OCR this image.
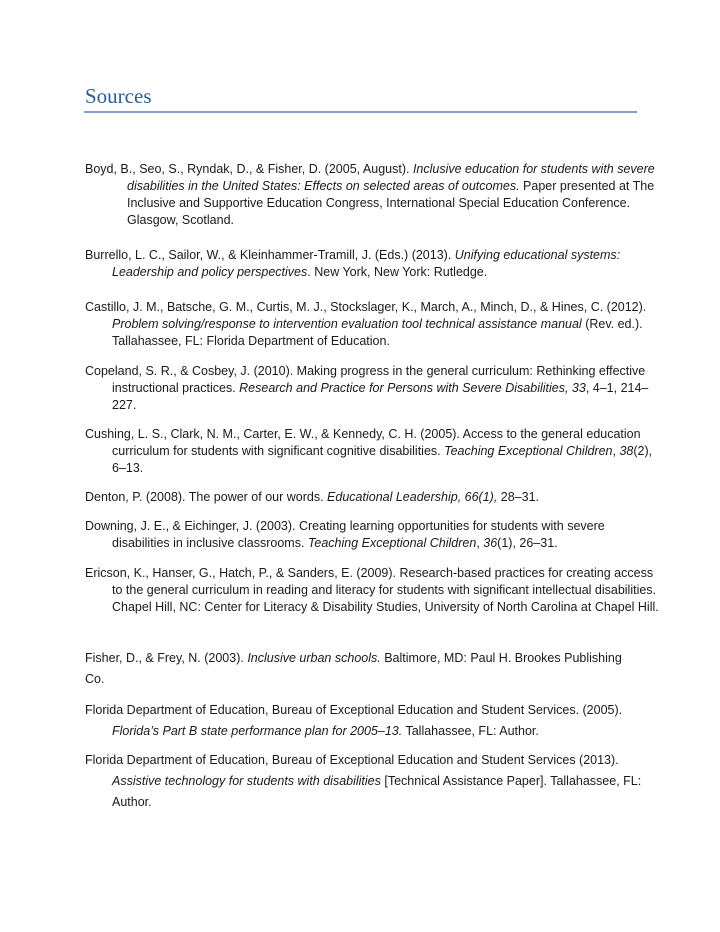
Sources

Boyd, B., Seo, S., Ryndak, D., & Fisher, D. (2005, August). Inclusive education for students with severe disabilities in the United States: Effects on selected areas of outcomes. Paper presented at The Inclusive and Supportive Education Congress, International Special Education Conference. Glasgow, Scotland.

Burrello, L. C., Sailor, W., & Kleinhammer-Tramill, J. (Eds.) (2013). Unifying educational systems: Leadership and policy perspectives. New York, New York: Rutledge.

Castillo, J. M., Batsche, G. M., Curtis, M. J., Stockslager, K., March, A., Minch, D., & Hines, C. (2012). Problem solving/response to intervention evaluation tool technical assistance manual (Rev. ed.). Tallahassee, FL: Florida Department of Education.

Copeland, S. R., & Cosbey, J. (2010). Making progress in the general curriculum: Rethinking effective instructional practices. Research and Practice for Persons with Severe Disabilities, 33, 4–1, 214–227.

Cushing, L. S., Clark, N. M., Carter, E. W., & Kennedy, C. H. (2005). Access to the general education curriculum for students with significant cognitive disabilities. Teaching Exceptional Children, 38(2), 6–13.

Denton, P. (2008). The power of our words. Educational Leadership, 66(1), 28–31.

Downing, J. E., & Eichinger, J. (2003). Creating learning opportunities for students with severe disabilities in inclusive classrooms. Teaching Exceptional Children, 36(1), 26–31.

Ericson, K., Hanser, G., Hatch, P., & Sanders, E. (2009). Research-based practices for creating access to the general curriculum in reading and literacy for students with significant intellectual disabilities. Chapel Hill, NC: Center for Literacy & Disability Studies, University of North Carolina at Chapel Hill.

Fisher, D., & Frey, N. (2003). Inclusive urban schools. Baltimore, MD: Paul H. Brookes Publishing Co.

Florida Department of Education, Bureau of Exceptional Education and Student Services. (2005). Florida’s Part B state performance plan for 2005–13. Tallahassee, FL: Author.

Florida Department of Education, Bureau of Exceptional Education and Student Services (2013). Assistive technology for students with disabilities [Technical Assistance Paper]. Tallahassee, FL: Author.
